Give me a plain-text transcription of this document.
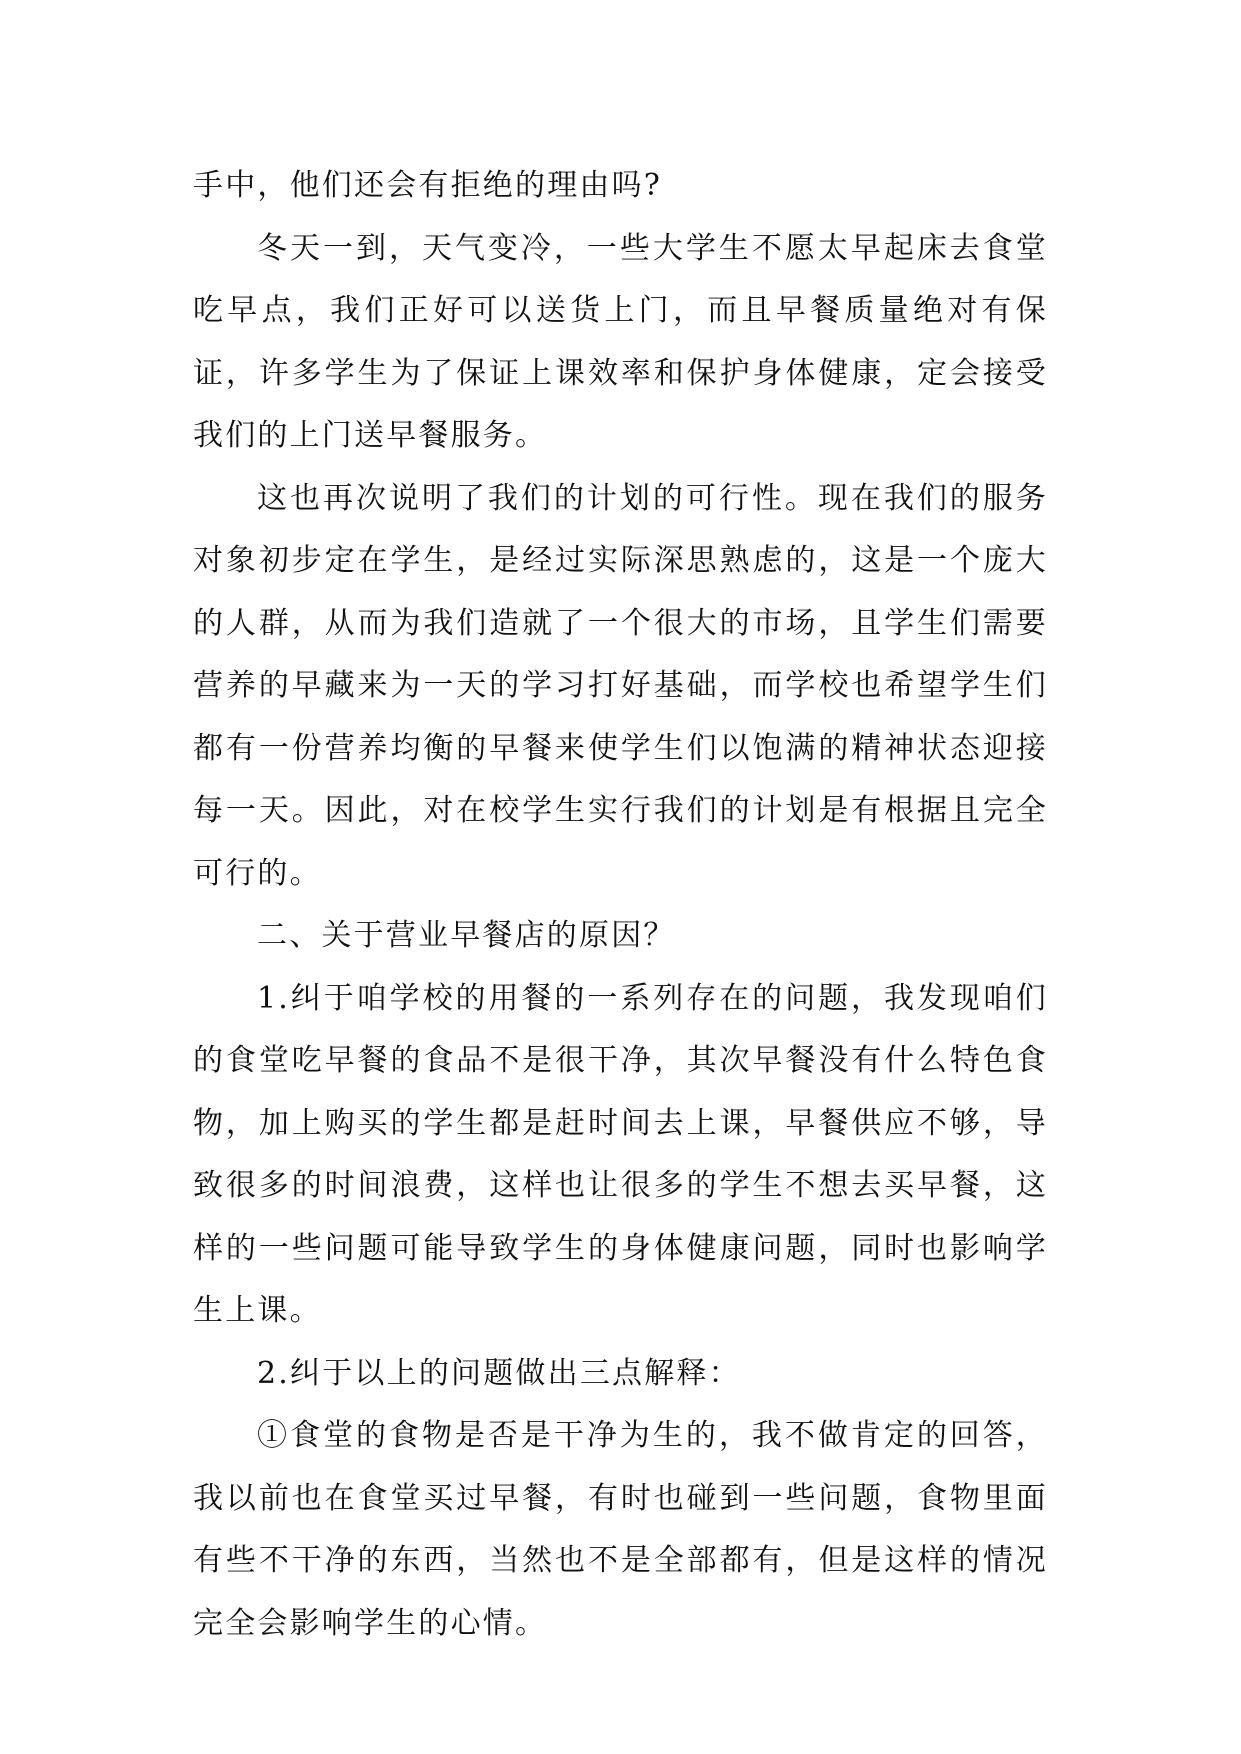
手中，他们还会有拒绝的理由吗?

冬天一到，天气变冷，一些大学生不愿太早起床去食堂吃早点，我们正好可以送货上门，而且早餐质量绝对有保证，许多学生为了保证上课效率和保护身体健康，定会接受我们的上门送早餐服务。

这也再次说明了我们的计划的可行性。现在我们的服务对象初步定在学生，是经过实际深思熟虑的，这是一个庞大的人群，从而为我们造就了一个很大的市场，且学生们需要营养的早藏来为一天的学习打好基础，而学校也希望学生们都有一份营养均衡的早餐来使学生们以饱满的精神状态迎接每一天。因此，对在校学生实行我们的计划是有根据且完全可行的。

二、关于营业早餐店的原因？

1.纠于咱学校的用餐的一系列存在的问题，我发现咱们的食堂吃早餐的食品不是很干净，其次早餐没有什么特色食物，加上购买的学生都是赶时间去上课，早餐供应不够，导致很多的时间浪费，这样也让很多的学生不想去买早餐，这样的一些问题可能导致学生的身体健康问题，同时也影响学生上课。

2.纠于以上的问题做出三点解释：

①食堂的食物是否是干净为生的，我不做肯定的回答，我以前也在食堂买过早餐，有时也碰到一些问题，食物里面有些不干净的东西，当然也不是全部都有，但是这样的情况完全会影响学生的心情。
